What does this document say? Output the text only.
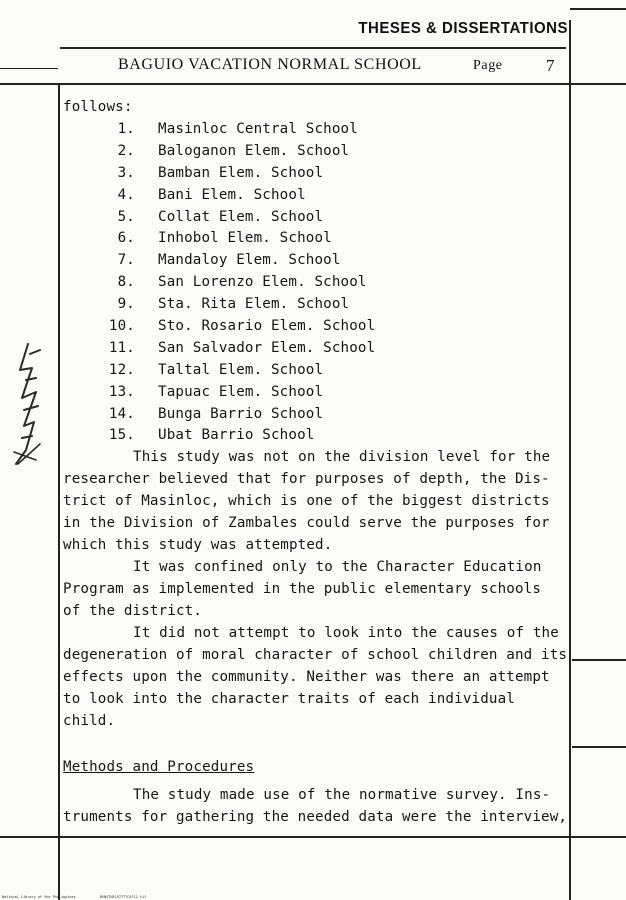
THESES & DISSERTATIONS
BAGUIO VACATION NORMAL SCHOOL	Page	7
follows:
1. Masinloc Central School
2. Baloganon Elem. School
3. Bamban Elem. School
4. Bani Elem. School
5. Collat Elem. School
6. Inhobol Elem. School
7. Mandaloy Elem. School
8. San Lorenzo Elem. School
9. Sta. Rita Elem. School
10. Sto. Rosario Elem. School
11. San Salvador Elem. School
12. Taltal Elem. School
13. Tapuac Elem. School
14. Bunga Barrio School
15. Ubat Barrio School
This study was not on the division level for the
researcher believed that for purposes of depth, the Dis-
trict of Masinloc, which is one of the biggest districts
in the Division of Zambales could serve the purposes for
which this study was attempted.
It was confined only to the Character Education
Program as implemented in the public elementary schools
of the district.
It did not attempt to look into the causes of the
degeneration of moral character of school children and its
effects upon the community. Neither was there an attempt
to look into the character traits of each individual
child.
Methods and Procedures
The study made use of the normative survey. Ins-
truments for gathering the needed data were the interview,
National Library of the Philippines	BVNSTHE1977TTC0711.tif
